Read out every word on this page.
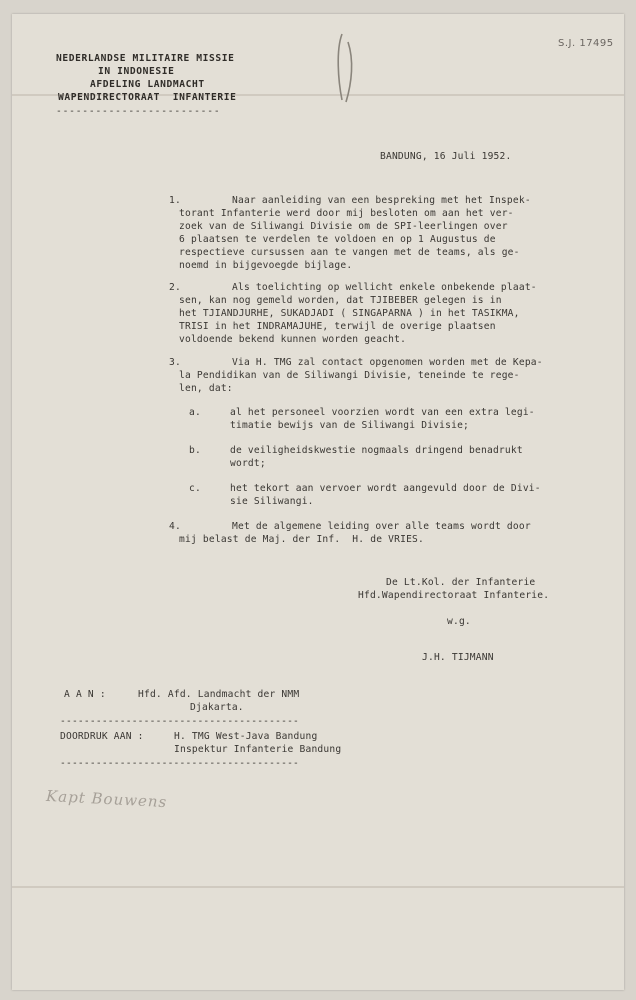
NEDERLANDSE MILITAIRE MISSIE

IN INDONESIE

AFDELING LANDMACHT

WAPENDIRECTORAAT  INFANTERIE

-------------------------

S.J. 17495

BANDUNG, 16 Juli 1952.

1.	Naar aanleiding van een bespreking met het Inspek-

torant Infanterie werd door mij besloten om aan het ver-

zoek van de Siliwangi Divisie om de SPI-leerlingen over

6 plaatsen te verdelen te voldoen en op 1 Augustus de

respectieve cursussen aan te vangen met de teams, als ge-

noemd in bijgevoegde bijlage.

2.	Als toelichting op wellicht enkele onbekende plaat-

sen, kan nog gemeld worden, dat TJIBEBER gelegen is in

het TJIANDJURHE, SUKADJADI ( SINGAPARNA ) in het TASIKMA,

TRISI in het INDRAMAJUHE, terwijl de overige plaatsen

voldoende bekend kunnen worden geacht.

3.	Via H. TMG zal contact opgenomen worden met de Kepa-

la Pendidikan van de Siliwangi Divisie, teneinde te rege-

len, dat:

a.	al het personeel voorzien wordt van een extra legi-

timatie bewijs van de Siliwangi Divisie;

b.	de veiligheidskwestie nogmaals dringend benadrukt

wordt;

c.	het tekort aan vervoer wordt aangevuld door de Divi-

sie Siliwangi.

4.	Met de algemene leiding over alle teams wordt door

mij belast de Maj. der Inf.  H. de VRIES.

De Lt.Kol. der Infanterie

Hfd.Wapendirectoraat Infanterie.

w.g.

J.H. TIJMANN

A A N :	Hfd. Afd. Landmacht der NMM

Djakarta.

----------------------------------------

DOORDRUK AAN :	H. TMG West-Java Bandung

Inspektur Infanterie Bandung

----------------------------------------

Kapt Bouwens
